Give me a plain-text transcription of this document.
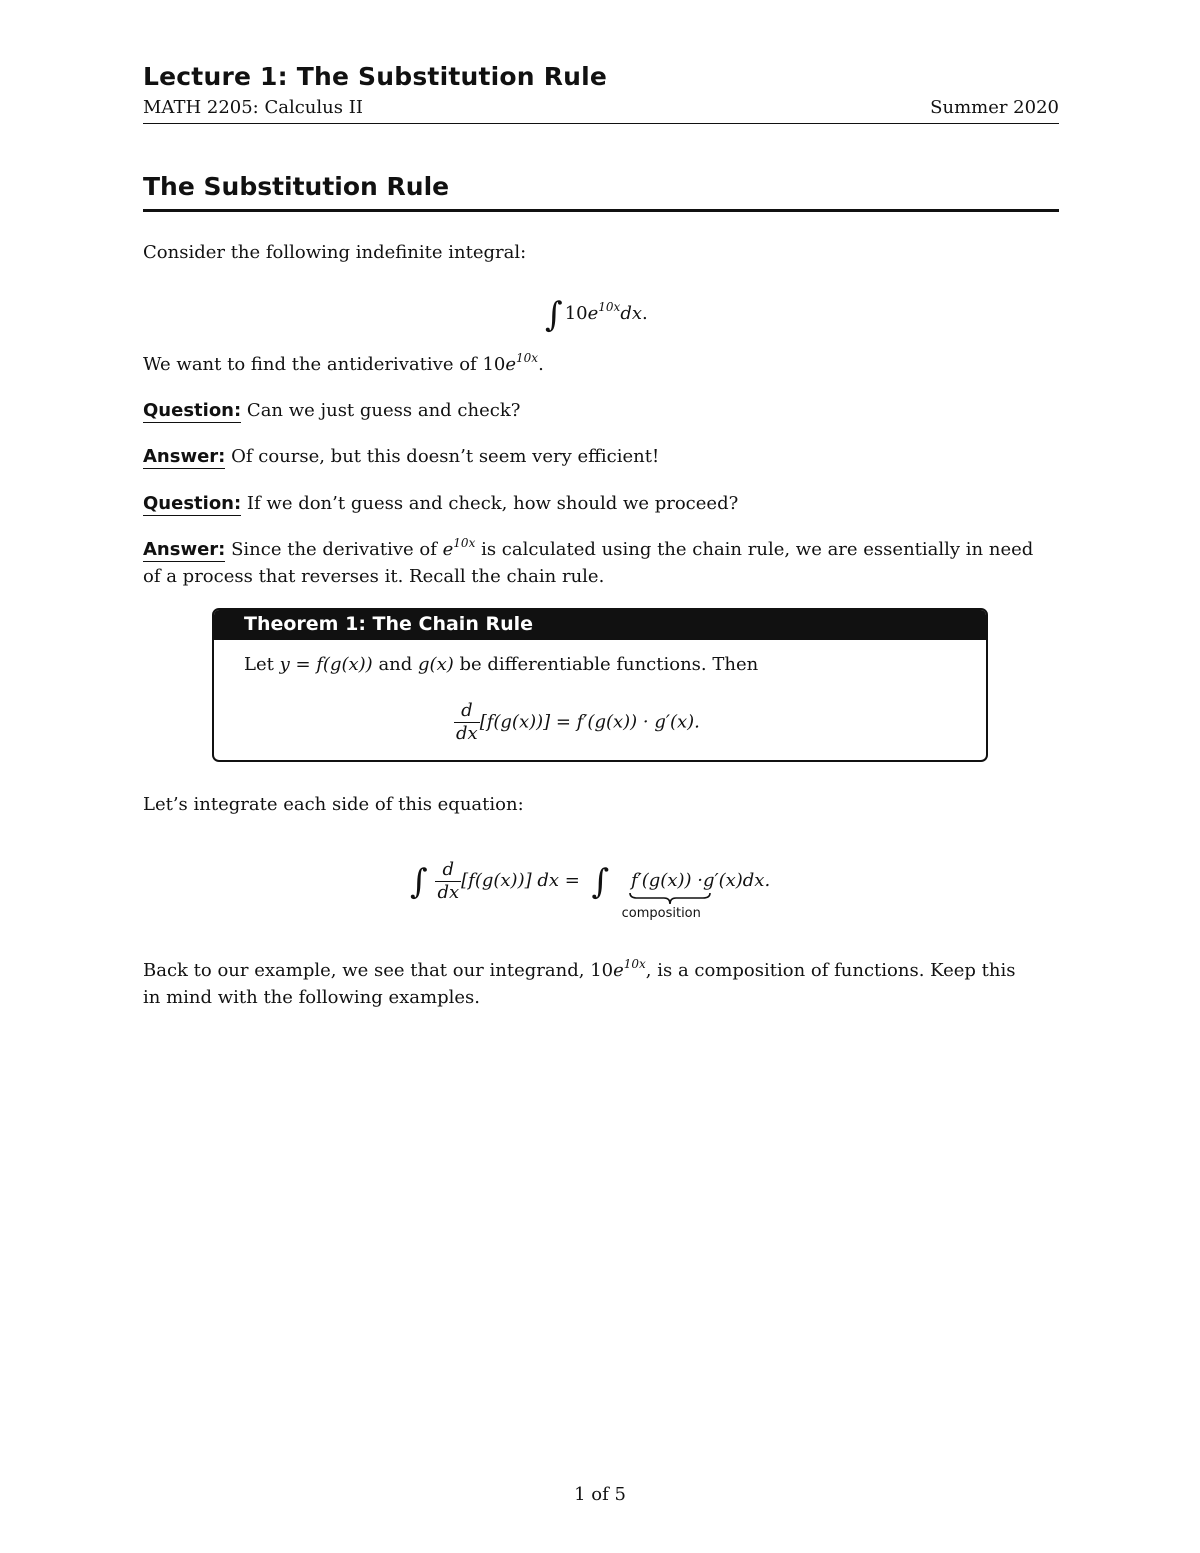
Lecture 1: The Substitution Rule
MATH 2205: Calculus II	Summer 2020
The Substitution Rule
Consider the following indefinite integral:
∫ $10e^{10x}dx$.
We want to find the antiderivative of $10e^{10x}$.
Question: Can we just guess and check?
Answer: Of course, but this doesn’t seem very efficient!
Question: If we don’t guess and check, how should we proceed?
Answer: Since the derivative of $e^{10x}$ is calculated using the chain rule, we are essentially in need
of a process that reverses it. Recall the chain rule.
Theorem 1: The Chain Rule
Let y = f(g(x)) and g(x) be differentiable functions. Then
$\frac{d}{dx} [f(g(x))] = f'(g(x)) \cdot g'(x)$.
Let’s integrate each side of this equation:
∫ $\frac{d}{dx} [f(g(x))]$ dx = ∫ f′(g(x))
composition
·g′(x)dx.
Back to our example, we see that our integrand, $10e^{10x}$, is a composition of functions. Keep this
in mind with the following examples.
1 of 5
